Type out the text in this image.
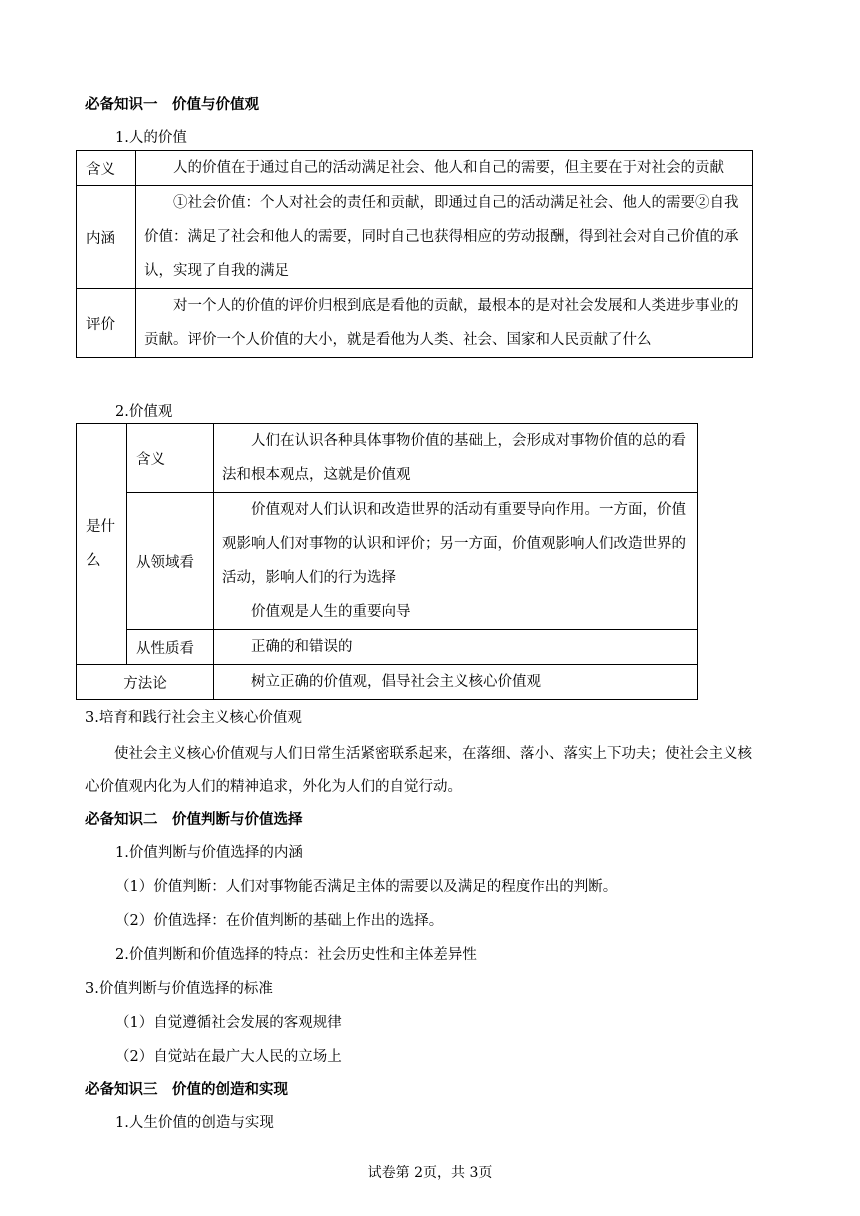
必备知识一　价值与价值观
1.人的价值
含义	人的价值在于通过自己的活动满足社会、他人和自己的需要，但主要在于对社会的贡献

内涵	①社会价值：个人对社会的责任和贡献，即通过自己的活动满足社会、他人的需要②自我价值：满足了社会和他人的需要，同时自己也获得相应的劳动报酬，得到社会对自己价值的承认，实现了自我的满足

评价	对一个人的价值的评价归根到底是看他的贡献，最根本的是对社会发展和人类进步事业的贡献。评价一个人价值的大小，就是看他为人类、社会、国家和人民贡献了什么
2.价值观
是什么	含义	人们在认识各种具体事物价值的基础上，会形成对事物价值的总的看法和根本观点，这就是价值观

	从领域看	价值观对人们认识和改造世界的活动有重要导向作用。一方面，价值观影响人们对事物的认识和评价；另一方面，价值观影响人们改造世界的活动，影响人们的行为选择
价值观是人生的重要向导

	从性质看	正确的和错误的

方法论		树立正确的价值观，倡导社会主义核心价值观
3.培育和践行社会主义核心价值观
使社会主义核心价值观与人们日常生活紧密联系起来，在落细、落小、落实上下功夫；使社会主义核心价值观内化为人们的精神追求，外化为人们的自觉行动。
必备知识二　价值判断与价值选择
1.价值判断与价值选择的内涵
（1）价值判断：人们对事物能否满足主体的需要以及满足的程度作出的判断。
（2）价值选择：在价值判断的基础上作出的选择。
2.价值判断和价值选择的特点：社会历史性和主体差异性
3.价值判断与价值选择的标准
（1）自觉遵循社会发展的客观规律
（2）自觉站在最广大人民的立场上
必备知识三　价值的创造和实现
1.人生价值的创造与实现
试卷第 2页，共 3页
